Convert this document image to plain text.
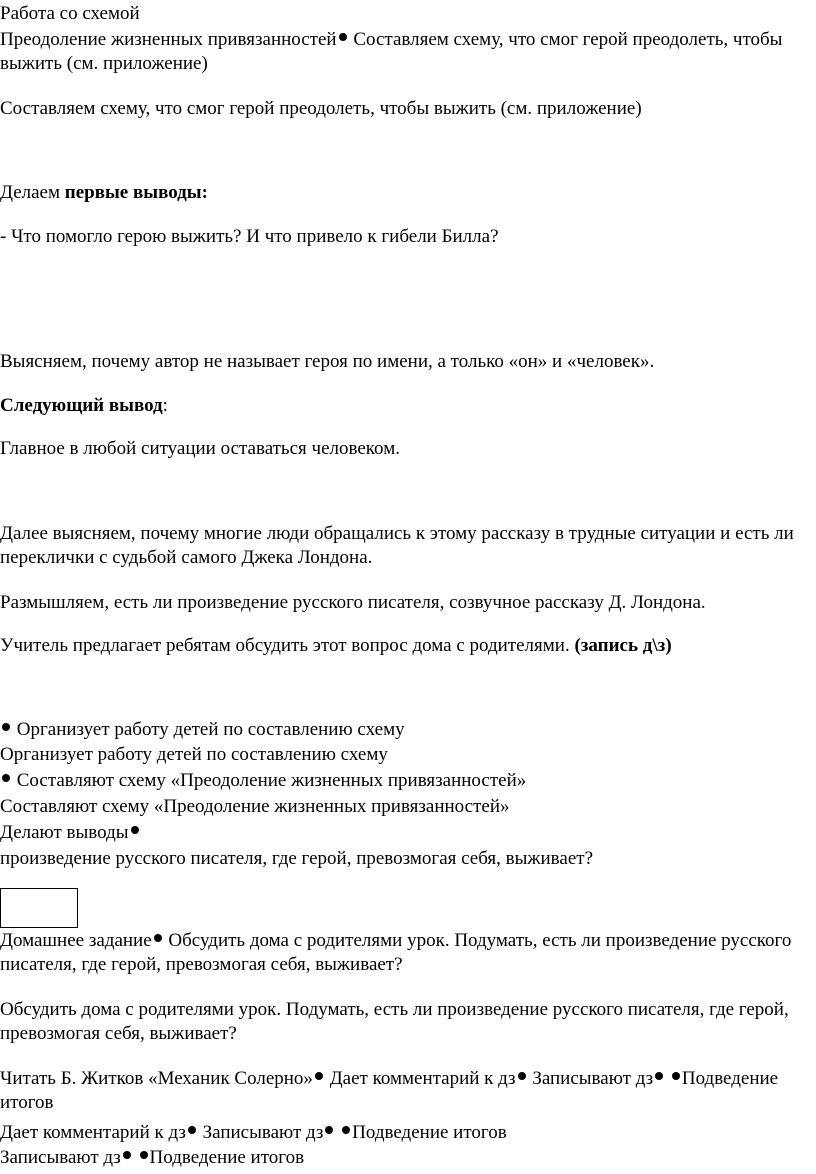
Работа со схемой
Преодоление жизненных привязанностей Составляем схему, что смог герой преодолеть, чтобы выжить (см. приложение)
Составляем схему, что смог герой преодолеть, чтобы выжить (см. приложение)
Делаем первые выводы:
- Что помогло герою выжить? И что привело к гибели Билла?
Выясняем, почему автор не называет героя по имени, а только «он» и «человек».
Следующий вывод:
Главное в любой ситуации оставаться человеком.
Далее выясняем, почему многие люди обращались к этому рассказу в трудные ситуации и есть ли переклички с судьбой самого Джека Лондона.
Размышляем, есть ли произведение русского писателя, созвучное рассказу Д. Лондона.
Учитель предлагает ребятам обсудить этот вопрос дома с родителями. (запись д\з)
Организует работу детей по составлению схему
Организует работу детей по составлению схему
Составляют схему «Преодоление жизненных привязанностей»
Составляют схему «Преодоление жизненных привязанностей»
Делают выводы
произведение русского писателя, где герой, превозмогая себя, выживает?
Домашнее задание Обсудить дома с родителями урок. Подумать, есть ли произведение русского писателя, где герой, превозмогая себя, выживает?
Обсудить дома с родителями урок. Подумать, есть ли произведение русского писателя, где герой, превозмогая себя, выживает?
Читать Б. Житков «Механик Солерно» Дает комментарий к дз Записывают дз Подведение итогов
Дает комментарий к дз Записывают дз Подведение итогов
Записывают дз Подведение итогов
